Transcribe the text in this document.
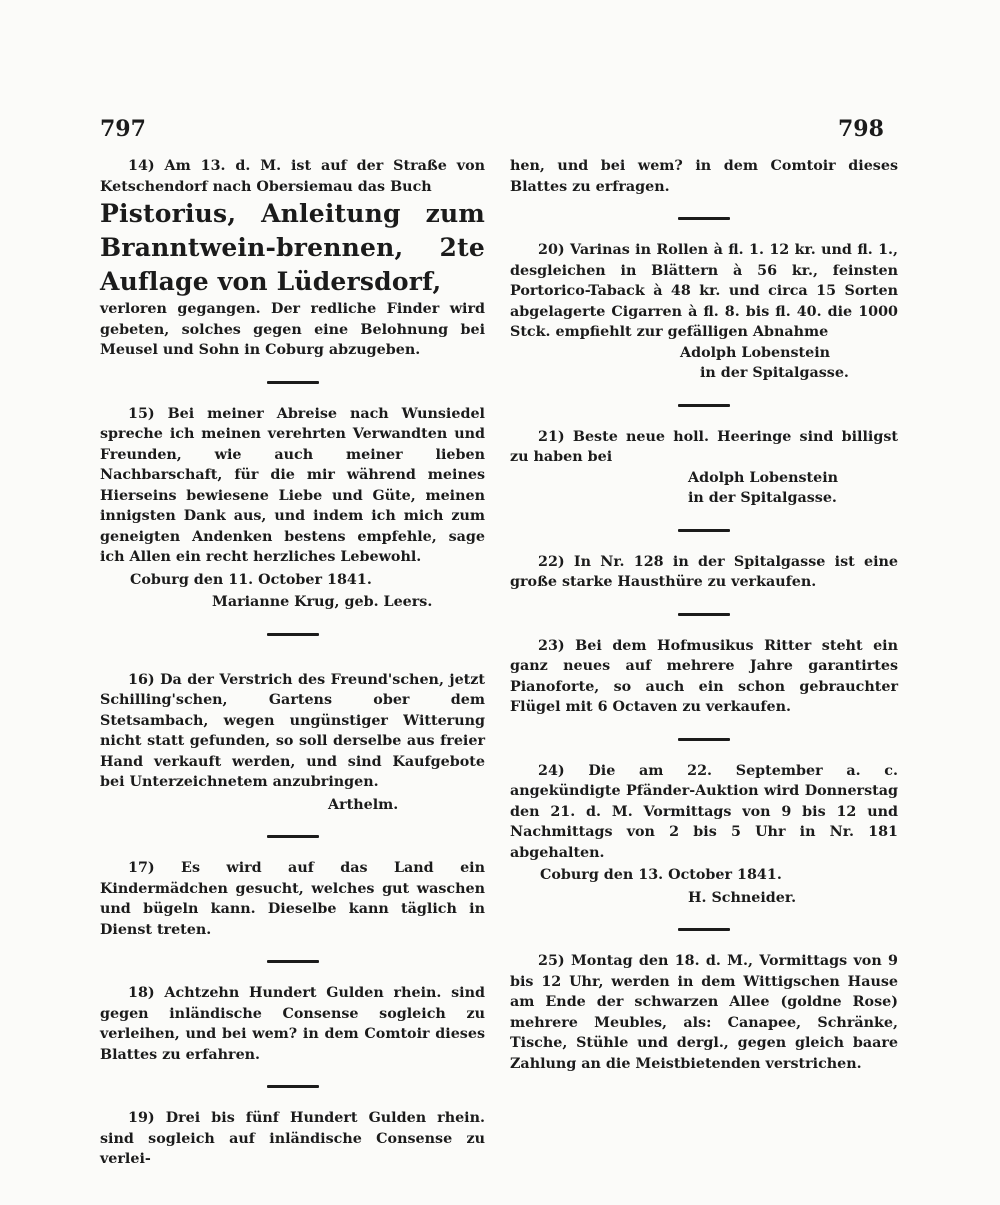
797	798

14) Am 13. d. M. ist auf der Straße von Ketschendorf nach Obersiemau das Buch

Pistorius, Anleitung zum Branntwein-brennen, 2te Auflage von Lüdersdorf,

verloren gegangen. Der redliche Finder wird gebeten, solches gegen eine Belohnung bei Meusel und Sohn in Coburg abzugeben.

15) Bei meiner Abreise nach Wunsiedel spreche ich meinen verehrten Verwandten und Freunden, wie auch meiner lieben Nachbarschaft, für die mir während meines Hierseins bewiesene Liebe und Güte, meinen innigsten Dank aus, und indem ich mich zum geneigten Andenken bestens empfehle, sage ich Allen ein recht herzliches Lebewohl.

Coburg den 11. October 1841.

Marianne Krug, geb. Leers.

16) Da der Verstrich des Freund'schen, jetzt Schilling'schen, Gartens ober dem Stetsambach, wegen ungünstiger Witterung nicht statt gefunden, so soll derselbe aus freier Hand verkauft werden, und sind Kaufgebote bei Unterzeichnetem anzubringen.

Arthelm.

17) Es wird auf das Land ein Kindermädchen gesucht, welches gut waschen und bügeln kann. Dieselbe kann täglich in Dienst treten.

18) Achtzehn Hundert Gulden rhein. sind gegen inländische Consense sogleich zu verleihen, und bei wem? in dem Comtoir dieses Blattes zu erfahren.

19) Drei bis fünf Hundert Gulden rhein. sind sogleich auf inländische Consense zu verlei-

hen, und bei wem? in dem Comtoir dieses Blattes zu erfragen.

20) Varinas in Rollen à fl. 1. 12 kr. und fl. 1., desgleichen in Blättern à 56 kr., feinsten Portorico-Taback à 48 kr. und circa 15 Sorten abgelagerte Cigarren à fl. 8. bis fl. 40. die 1000 Stck. empfiehlt zur gefälligen Abnahme

Adolph Lobenstein

in der Spitalgasse.

21) Beste neue holl. Heeringe sind billigst zu haben bei

Adolph Lobenstein

in der Spitalgasse.

22) In Nr. 128 in der Spitalgasse ist eine große starke Hausthüre zu verkaufen.

23) Bei dem Hofmusikus Ritter steht ein ganz neues auf mehrere Jahre garantirtes Pianoforte, so auch ein schon gebrauchter Flügel mit 6 Octaven zu verkaufen.

24) Die am 22. September a. c. angekündigte Pfänder-Auktion wird Donnerstag den 21. d. M. Vormittags von 9 bis 12 und Nachmittags von 2 bis 5 Uhr in Nr. 181 abgehalten.

Coburg den 13. October 1841.

H. Schneider.

25) Montag den 18. d. M., Vormittags von 9 bis 12 Uhr, werden in dem Wittigschen Hause am Ende der schwarzen Allee (goldne Rose) mehrere Meubles, als: Canapee, Schränke, Tische, Stühle und dergl., gegen gleich baare Zahlung an die Meistbietenden verstrichen.
